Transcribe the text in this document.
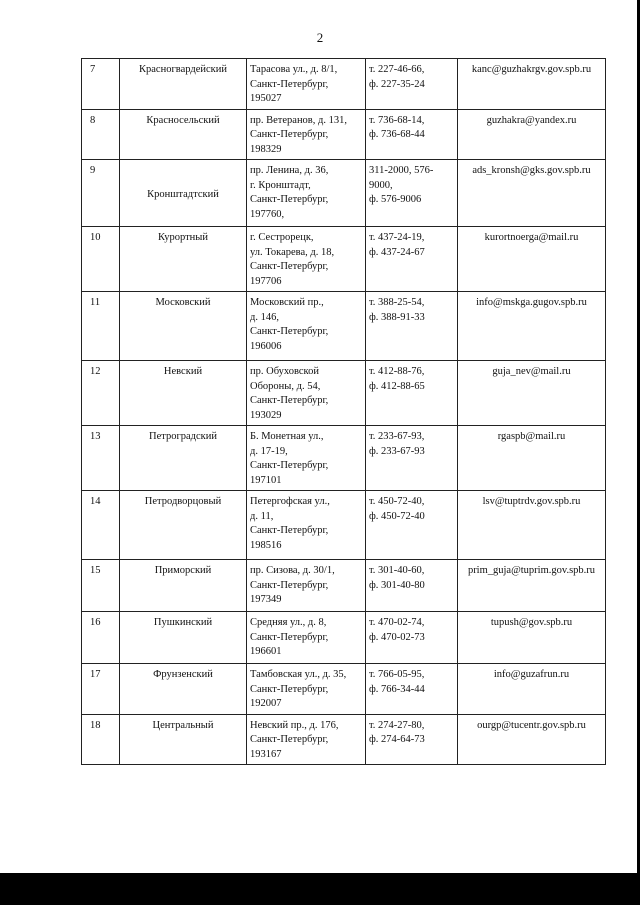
2
7	Красногвардейский	Тарасова ул., д. 8/1,
Санкт-Петербург,
195027	т. 227-46-66,
ф. 227-35-24	kanc@guzhakrgv.gov.spb.ru
8	Красносельский	пр. Ветеранов, д. 131,
Санкт-Петербург,
198329	т. 736-68-14,
ф. 736-68-44	guzhakra@yandex.ru
9	Кронштадтский	пр. Ленина, д. 36,
г. Кронштадт,
Санкт-Петербург,
197760,	311-2000, 576-
9000,
ф. 576-9006	ads_kronsh@gks.gov.spb.ru
10	Курортный	г. Сестрорецк,
ул. Токарева, д. 18,
Санкт-Петербург,
197706	т. 437-24-19,
ф. 437-24-67	kurortnoerga@mail.ru
11	Московский	Московский пр.,
д. 146,
Санкт-Петербург,
196006	т. 388-25-54,
ф. 388-91-33	info@mskga.gugov.spb.ru
12	Невский	пр. Обуховской
Обороны, д. 54,
Санкт-Петербург,
193029	т. 412-88-76,
ф. 412-88-65	guja_nev@mail.ru
13	Петроградский	Б. Монетная ул.,
д. 17-19,
Санкт-Петербург,
197101	т. 233-67-93,
ф. 233-67-93	rgaspb@mail.ru
14	Петродворцовый	Петергофская ул.,
д. 11,
Санкт-Петербург,
198516	т. 450-72-40,
ф. 450-72-40	lsv@tuptrdv.gov.spb.ru
15	Приморский	пр. Сизова, д. 30/1,
Санкт-Петербург,
197349	т. 301-40-60,
ф. 301-40-80	prim_guja@tuprim.gov.spb.ru
16	Пушкинский	Средняя ул., д. 8,
Санкт-Петербург,
196601	т. 470-02-74,
ф. 470-02-73	tupush@gov.spb.ru
17	Фрунзенский	Тамбовская ул., д. 35,
Санкт-Петербург,
192007	т. 766-05-95,
ф. 766-34-44	info@guzafrun.ru
18	Центральный	Невский пр., д. 176,
Санкт-Петербург,
193167	т. 274-27-80,
ф. 274-64-73	ourgp@tucentr.gov.spb.ru
